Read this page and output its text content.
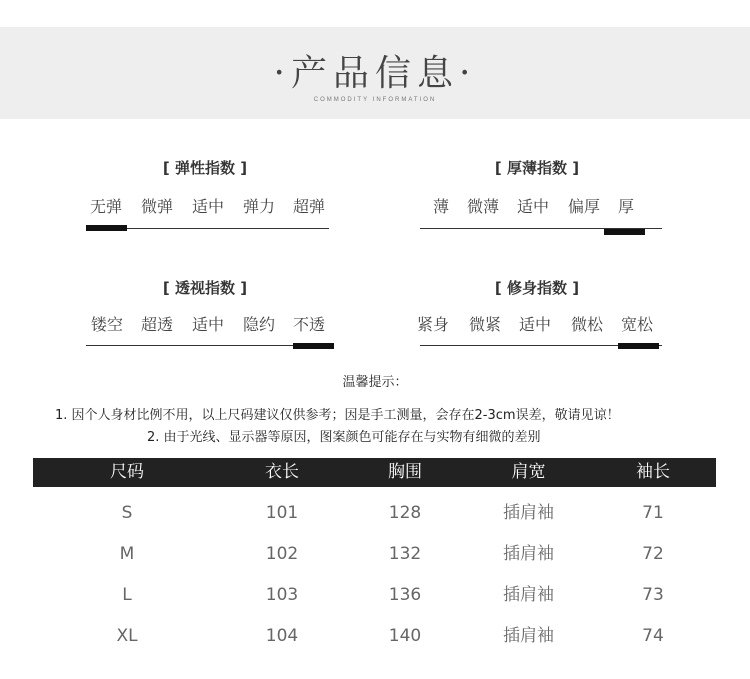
·产品信息·
COMMODITY INFORMATION
[ 弹性指数 ]
无弹 微弹 适中 弹力 超弹
[ 厚薄指数 ]
薄 微薄 适中 偏厚 厚
[ 透视指数 ]
镂空 超透 适中 隐约 不透
[ 修身指数 ]
紧身 微紧 适中 微松 宽松
温馨提示：
1. 因个人身材比例不用，以上尺码建议仅供参考；因是手工测量，会存在2-3cm误差，敬请见谅！
2. 由于光线、显示器等原因，图案颜色可能存在与实物有细微的差别
尺码	衣长	胸围	肩宽	袖长
S	101	128	插肩袖	71
M	102	132	插肩袖	72
L	103	136	插肩袖	73
XL	104	140	插肩袖	74
